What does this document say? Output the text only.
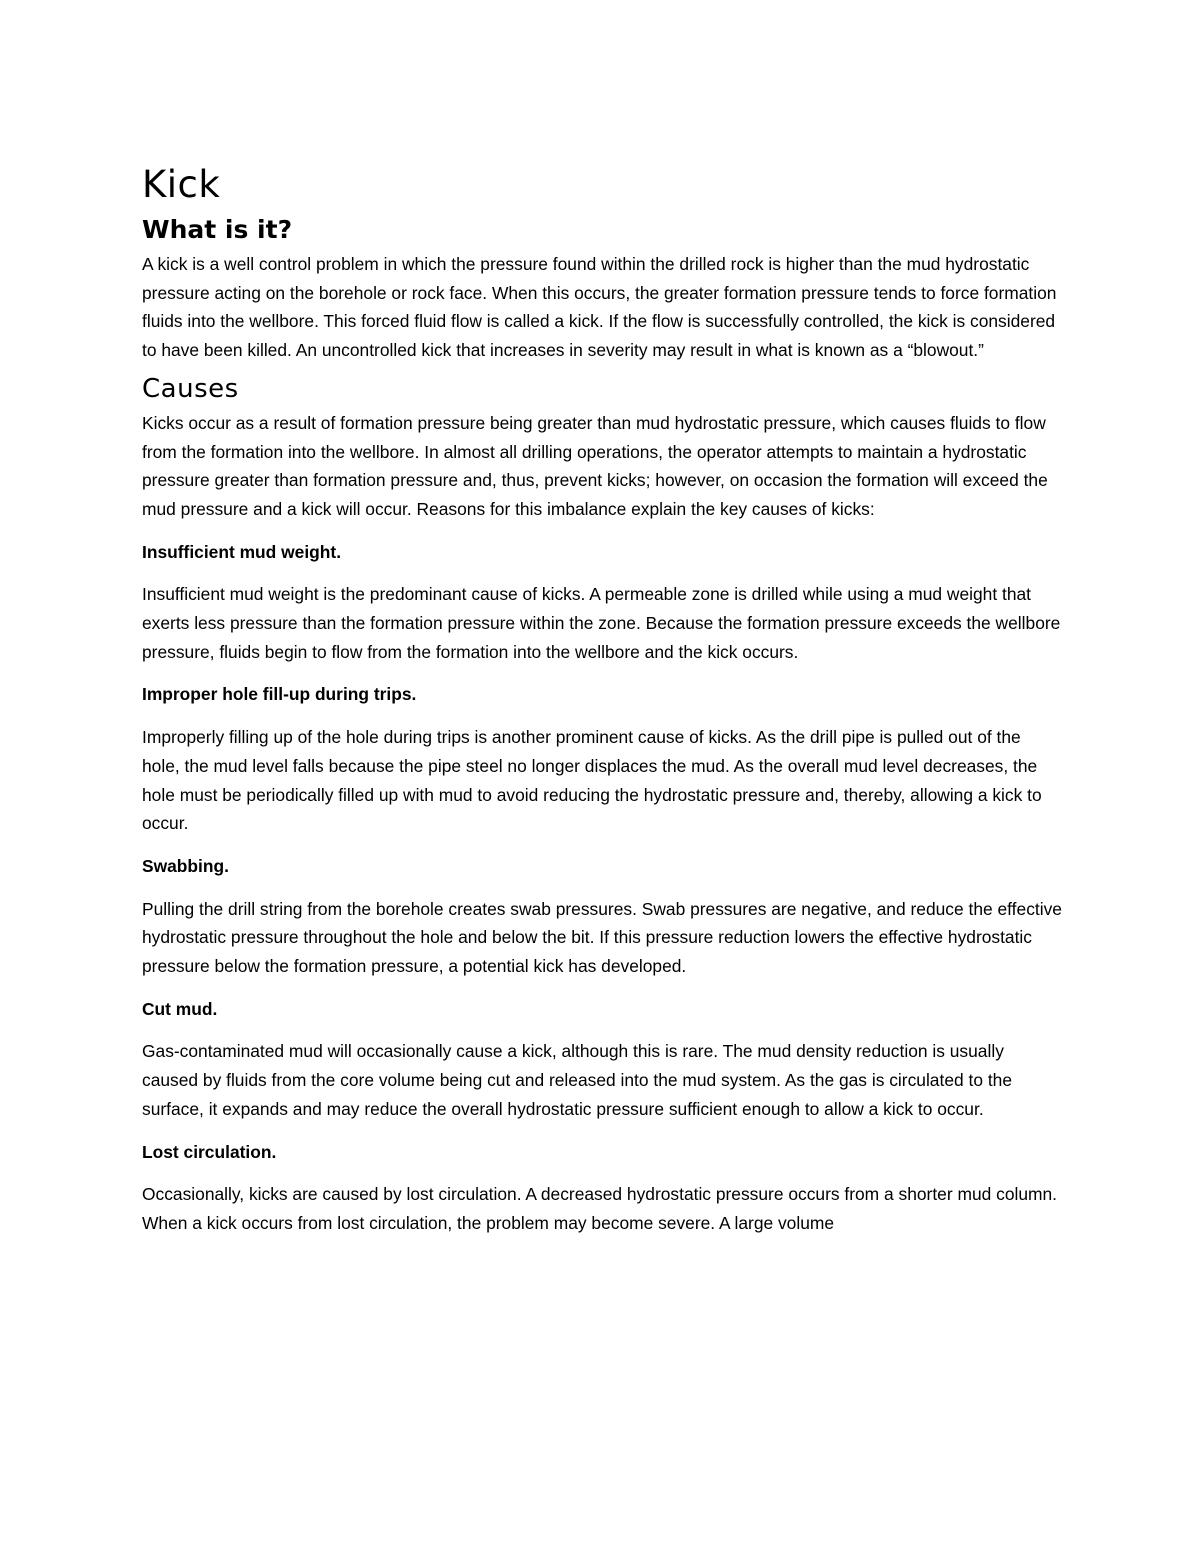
Kick
What is it?

A kick is a well control problem in which the pressure found within the drilled rock is higher than the mud hydrostatic pressure acting on the borehole or rock face. When this occurs, the greater formation pressure tends to force formation fluids into the wellbore. This forced fluid flow is called a kick. If the flow is successfully controlled, the kick is considered to have been killed. An uncontrolled kick that increases in severity may result in what is known as a “blowout.”

Causes

Kicks occur as a result of formation pressure being greater than mud hydrostatic pressure, which causes fluids to flow from the formation into the wellbore. In almost all drilling operations, the operator attempts to maintain a hydrostatic pressure greater than formation pressure and, thus, prevent kicks; however, on occasion the formation will exceed the mud pressure and a kick will occur. Reasons for this imbalance explain the key causes of kicks:

Insufficient mud weight.

Insufficient mud weight is the predominant cause of kicks. A permeable zone is drilled while using a mud weight that exerts less pressure than the formation pressure within the zone. Because the formation pressure exceeds the wellbore pressure, fluids begin to flow from the formation into the wellbore and the kick occurs.

Improper hole fill-up during trips.

Improperly filling up of the hole during trips is another prominent cause of kicks. As the drill pipe is pulled out of the hole, the mud level falls because the pipe steel no longer displaces the mud. As the overall mud level decreases, the hole must be periodically filled up with mud to avoid reducing the hydrostatic pressure and, thereby, allowing a kick to occur.

Swabbing.

Pulling the drill string from the borehole creates swab pressures. Swab pressures are negative, and reduce the effective hydrostatic pressure throughout the hole and below the bit. If this pressure reduction lowers the effective hydrostatic pressure below the formation pressure, a potential kick has developed.

Cut mud.

Gas-contaminated mud will occasionally cause a kick, although this is rare. The mud density reduction is usually caused by fluids from the core volume being cut and released into the mud system. As the gas is circulated to the surface, it expands and may reduce the overall hydrostatic pressure sufficient enough to allow a kick to occur.

Lost circulation.

Occasionally, kicks are caused by lost circulation. A decreased hydrostatic pressure occurs from a shorter mud column. When a kick occurs from lost circulation, the problem may become severe. A large volume
